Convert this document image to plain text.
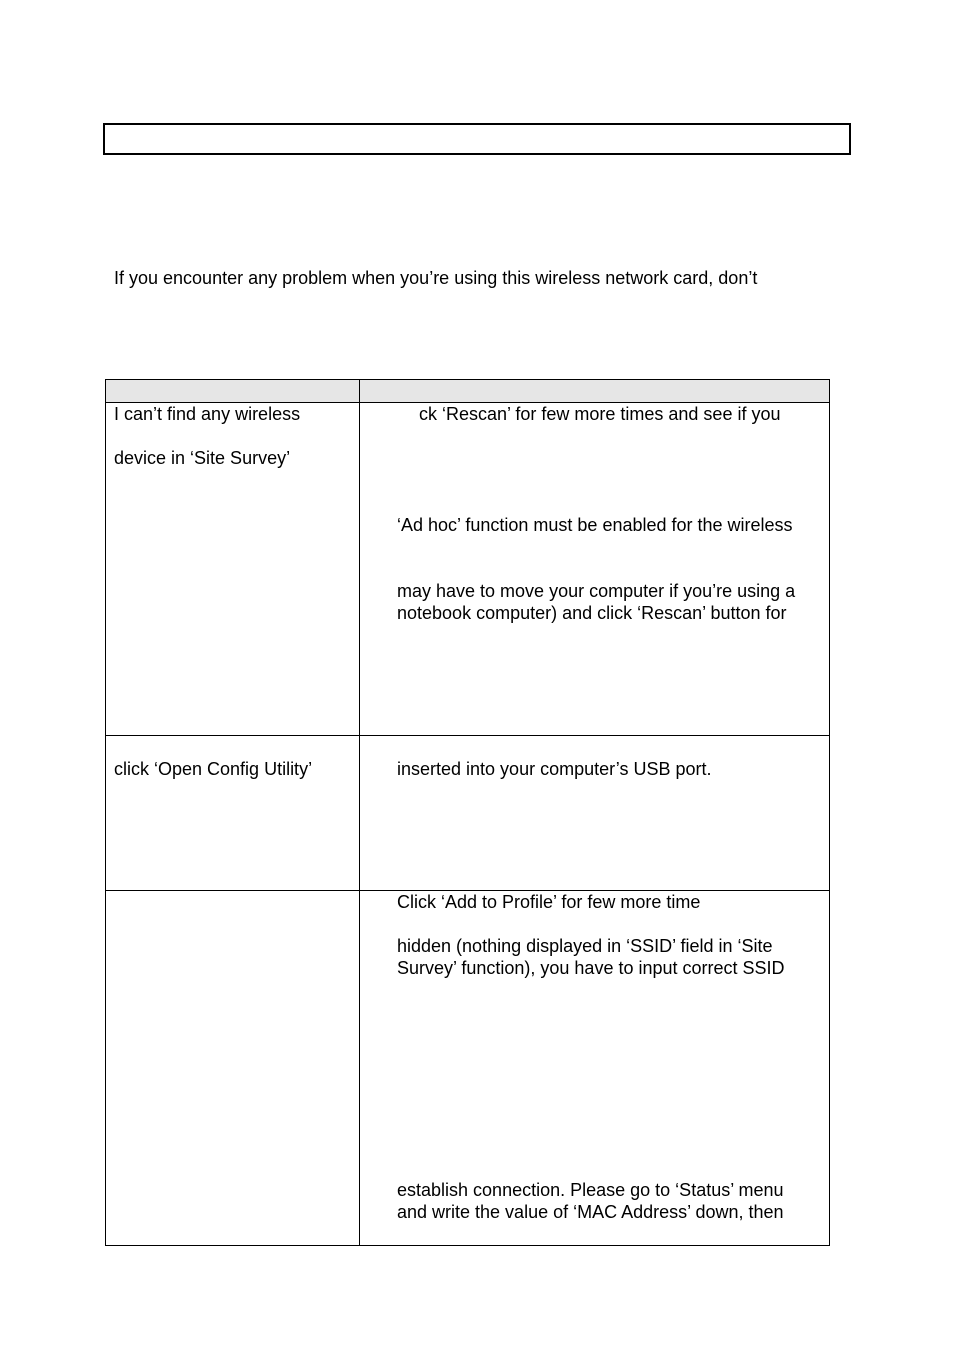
If you encounter any problem when you’re using this wireless network card, don’t
I can’t find any wireless
device in ‘Site Survey’
ck ‘Rescan’ for few more times and see if you
‘Ad hoc’ function must be enabled for the wireless
may have to move your computer if you’re using a
notebook computer) and click ‘Rescan’ button for
click ‘Open Config Utility’	inserted into your computer’s USB port.
Click ‘Add to Profile’ for few more time
hidden (nothing displayed in ‘SSID’ field in ‘Site
Survey’ function), you have to input correct SSID
establish connection. Please go to ‘Status’ menu
and write the value of ‘MAC Address’ down, then
